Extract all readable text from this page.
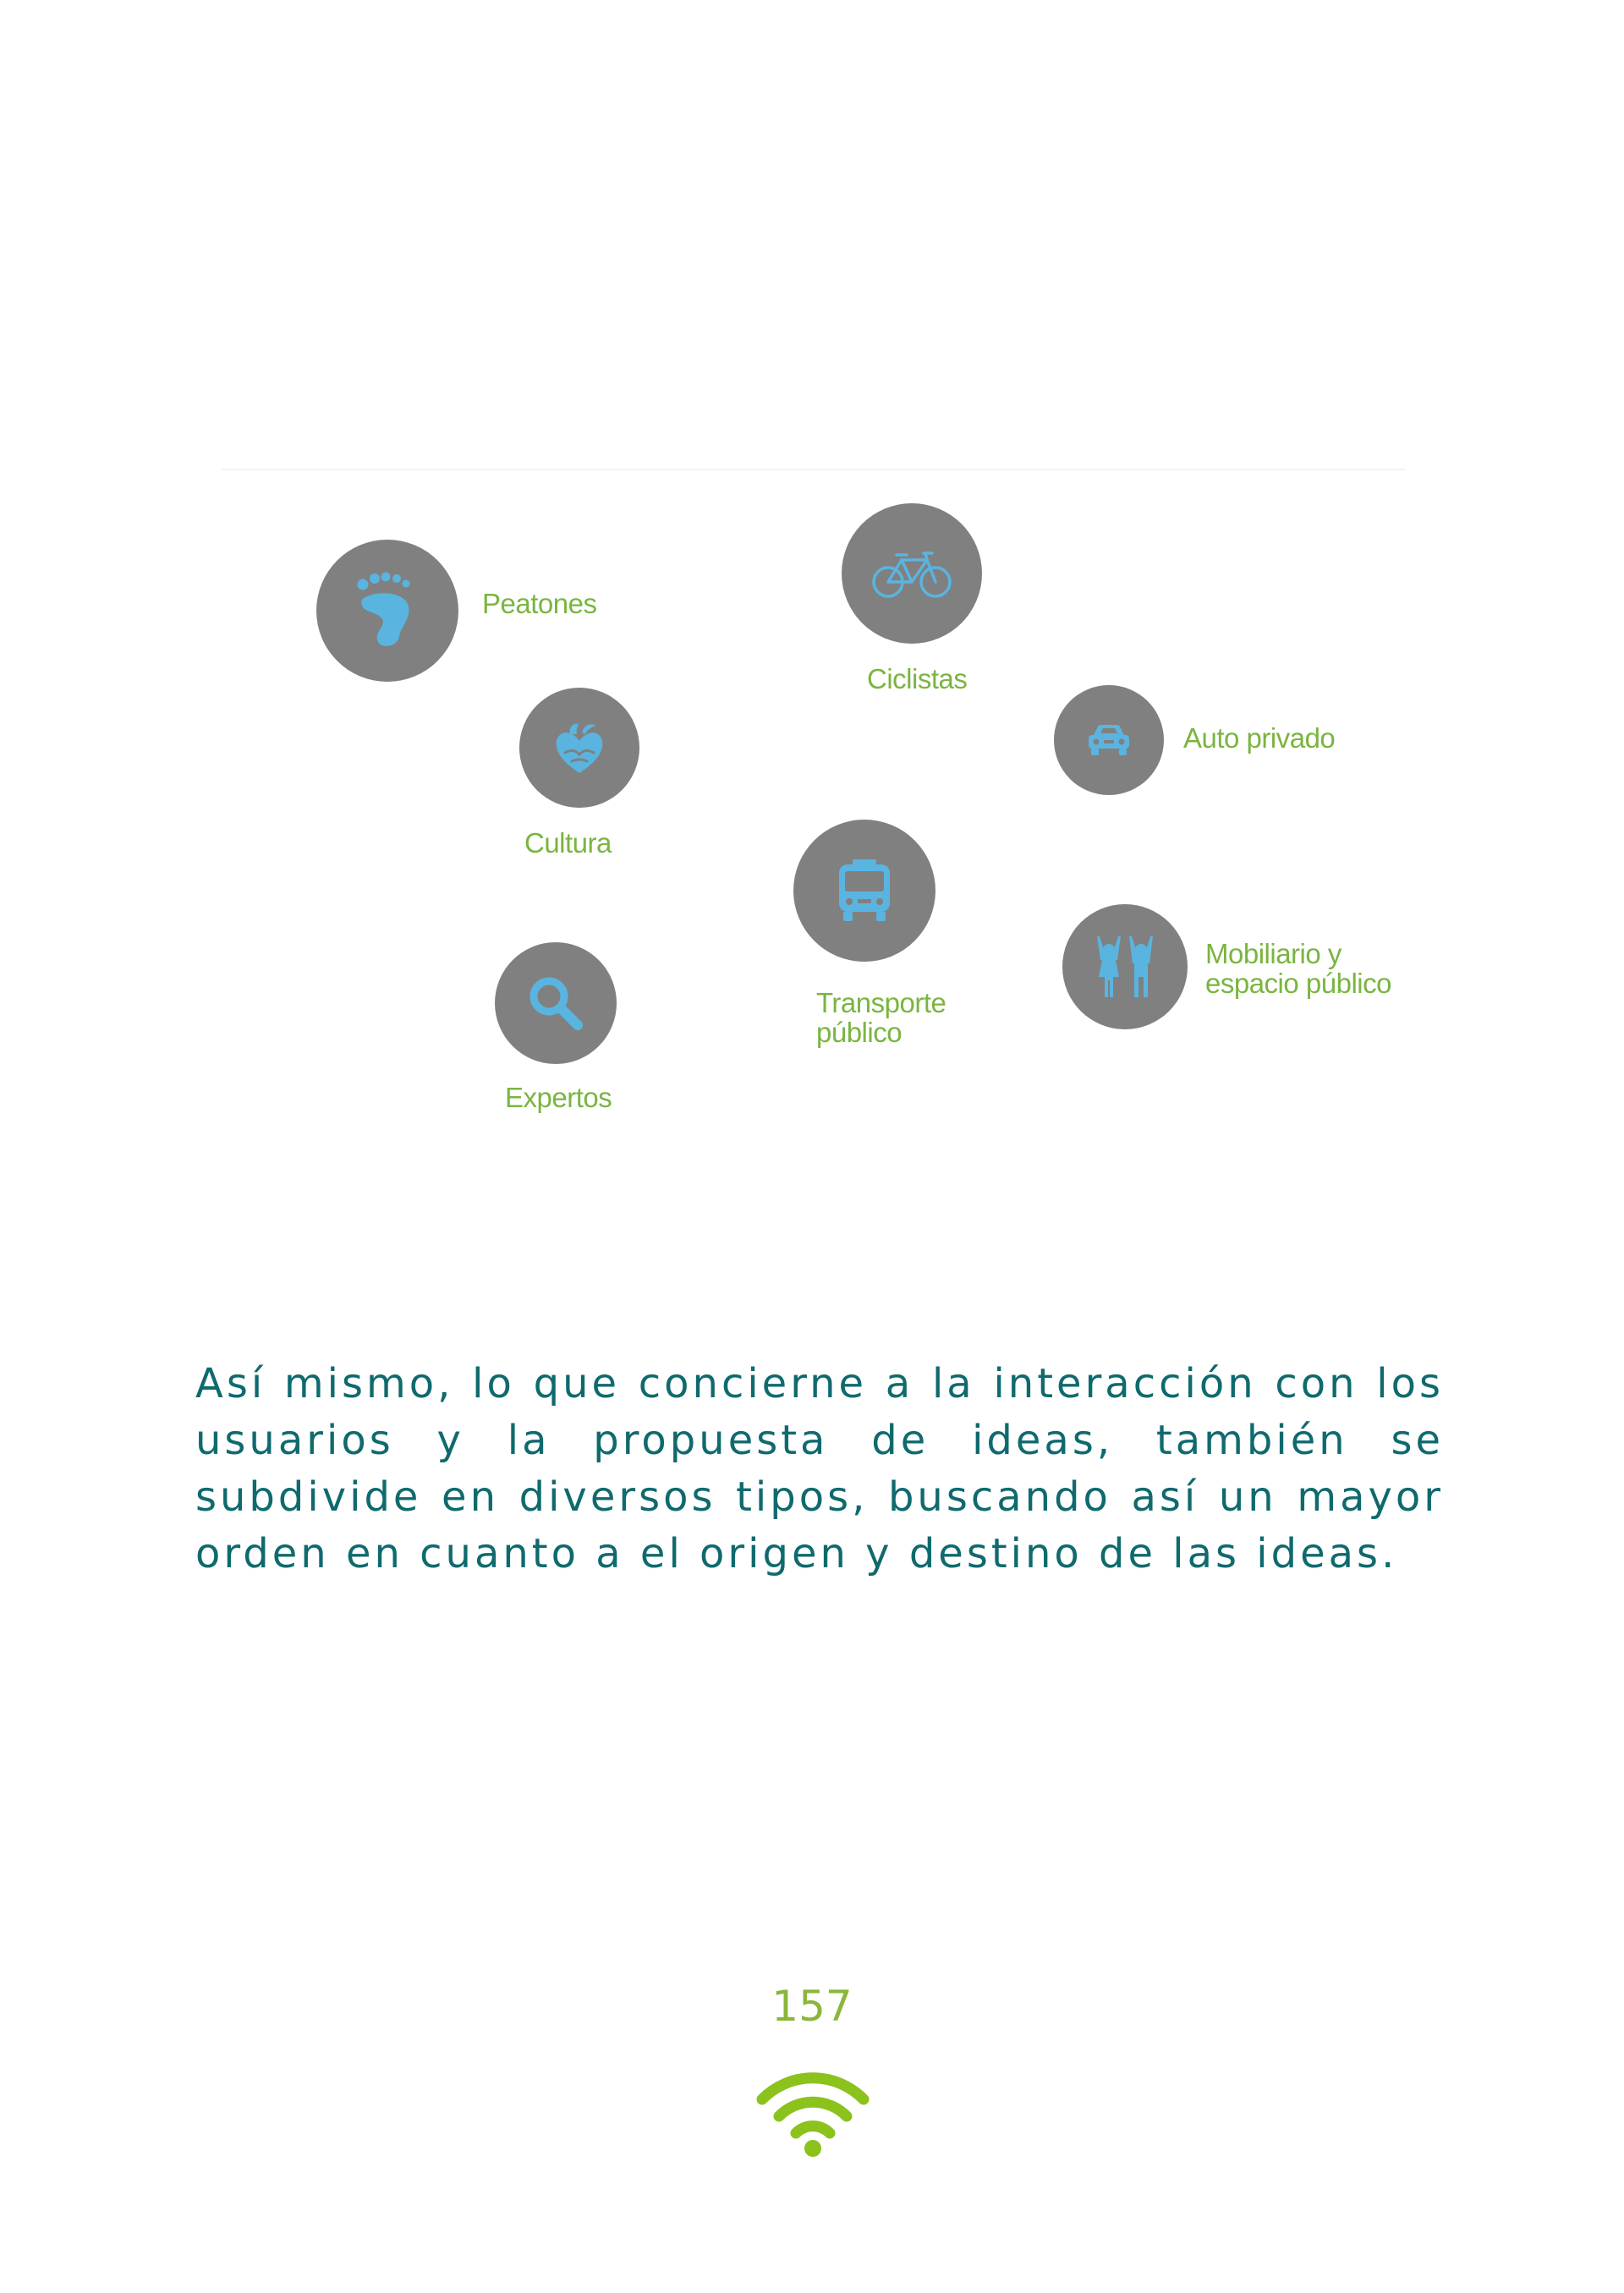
Peatones
Ciclistas
Auto privado
Cultura
Transporte
público
Mobiliario y
espacio público
Expertos

Así mismo, lo que concierne a la interacción con los usuarios y la propuesta de ideas, también se subdivide en diversos tipos, buscando así un mayor orden en cuanto a el origen y destino de las ideas.

157
